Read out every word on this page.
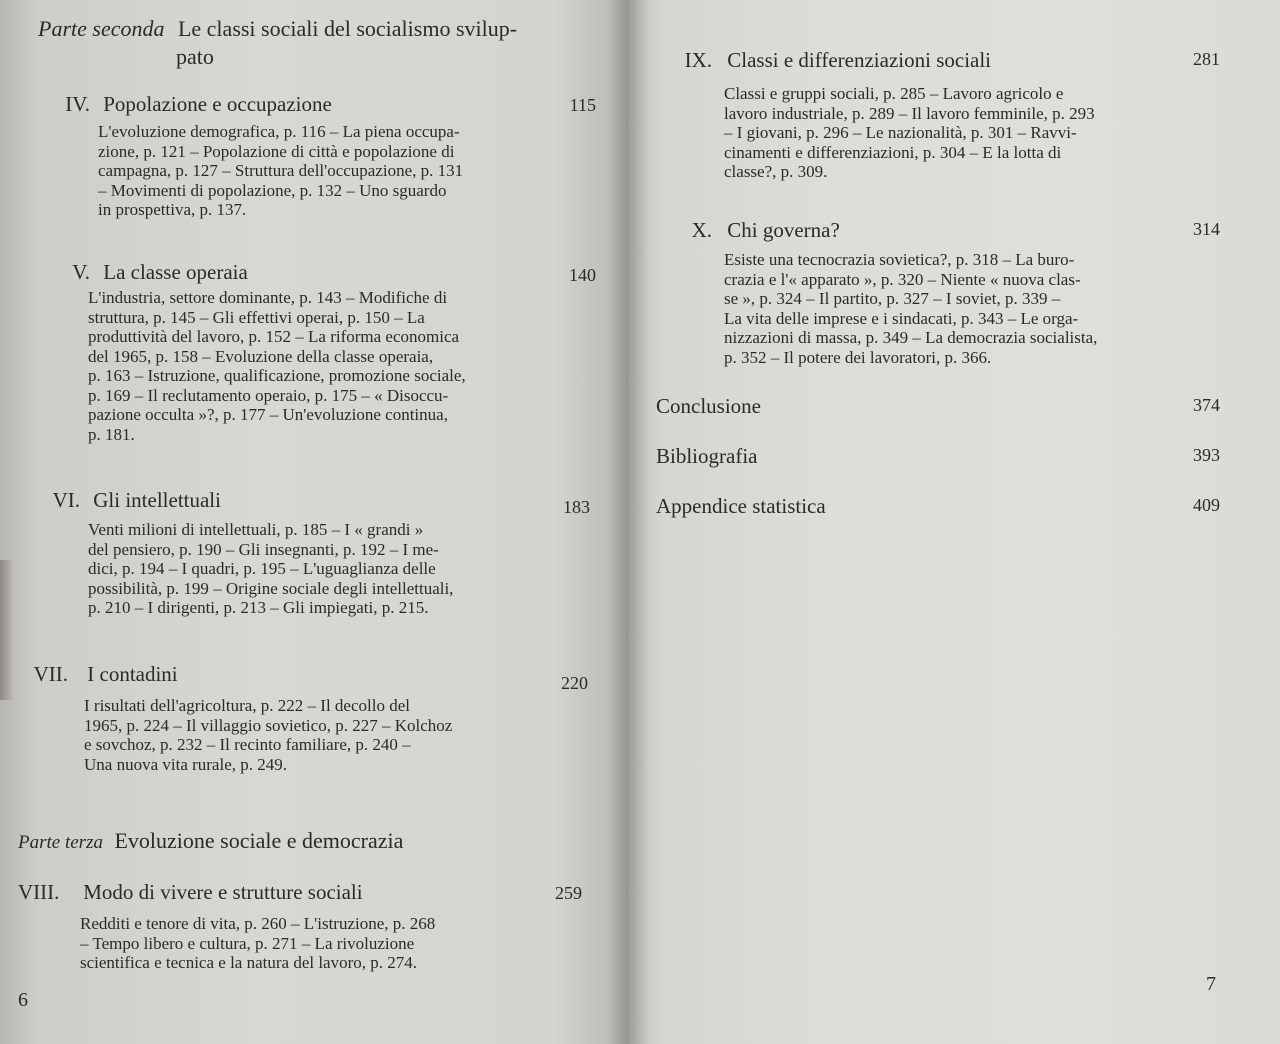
Parte seconda Le classi sociali del socialismo svilup-
pato
IV. Popolazione e occupazione	115
L'evoluzione demografica, p. 116 – La piena occupa-
zione, p. 121 – Popolazione di città e popolazione di
campagna, p. 127 – Struttura dell'occupazione, p. 131
– Movimenti di popolazione, p. 132 – Uno sguardo
in prospettiva, p. 137.
V. La classe operaia	140
L'industria, settore dominante, p. 143 – Modifiche di
struttura, p. 145 – Gli effettivi operai, p. 150 – La
produttività del lavoro, p. 152 – La riforma economica
del 1965, p. 158 – Evoluzione della classe operaia,
p. 163 – Istruzione, qualificazione, promozione sociale,
p. 169 – Il reclutamento operaio, p. 175 – « Disoccu-
pazione occulta »?, p. 177 – Un'evoluzione continua,
p. 181.
VI. Gli intellettuali	183
Venti milioni di intellettuali, p. 185 – I « grandi »
del pensiero, p. 190 – Gli insegnanti, p. 192 – I me-
dici, p. 194 – I quadri, p. 195 – L'uguaglianza delle
possibilità, p. 199 – Origine sociale degli intellettuali,
p. 210 – I dirigenti, p. 213 – Gli impiegati, p. 215.
VII. I contadini	220
I risultati dell'agricoltura, p. 222 – Il decollo del
1965, p. 224 – Il villaggio sovietico, p. 227 – Kolchoz
e sovchoz, p. 232 – Il recinto familiare, p. 240 –
Una nuova vita rurale, p. 249.
Parte terza Evoluzione sociale e democrazia
VIII. Modo di vivere e strutture sociali	259
Redditi e tenore di vita, p. 260 – L'istruzione, p. 268
– Tempo libero e cultura, p. 271 – La rivoluzione
scientifica e tecnica e la natura del lavoro, p. 274.
6
IX. Classi e differenziazioni sociali	281
Classi e gruppi sociali, p. 285 – Lavoro agricolo e
lavoro industriale, p. 289 – Il lavoro femminile, p. 293
– I giovani, p. 296 – Le nazionalità, p. 301 – Ravvi-
cinamenti e differenziazioni, p. 304 – E la lotta di
classe?, p. 309.
X. Chi governa?	314
Esiste una tecnocrazia sovietica?, p. 318 – La buro-
crazia e l'« apparato », p. 320 – Niente « nuova clas-
se », p. 324 – Il partito, p. 327 – I soviet, p. 339 –
La vita delle imprese e i sindacati, p. 343 – Le orga-
nizzazioni di massa, p. 349 – La democrazia socialista,
p. 352 – Il potere dei lavoratori, p. 366.
Conclusione	374
Bibliografia	393
Appendice statistica	409
7
